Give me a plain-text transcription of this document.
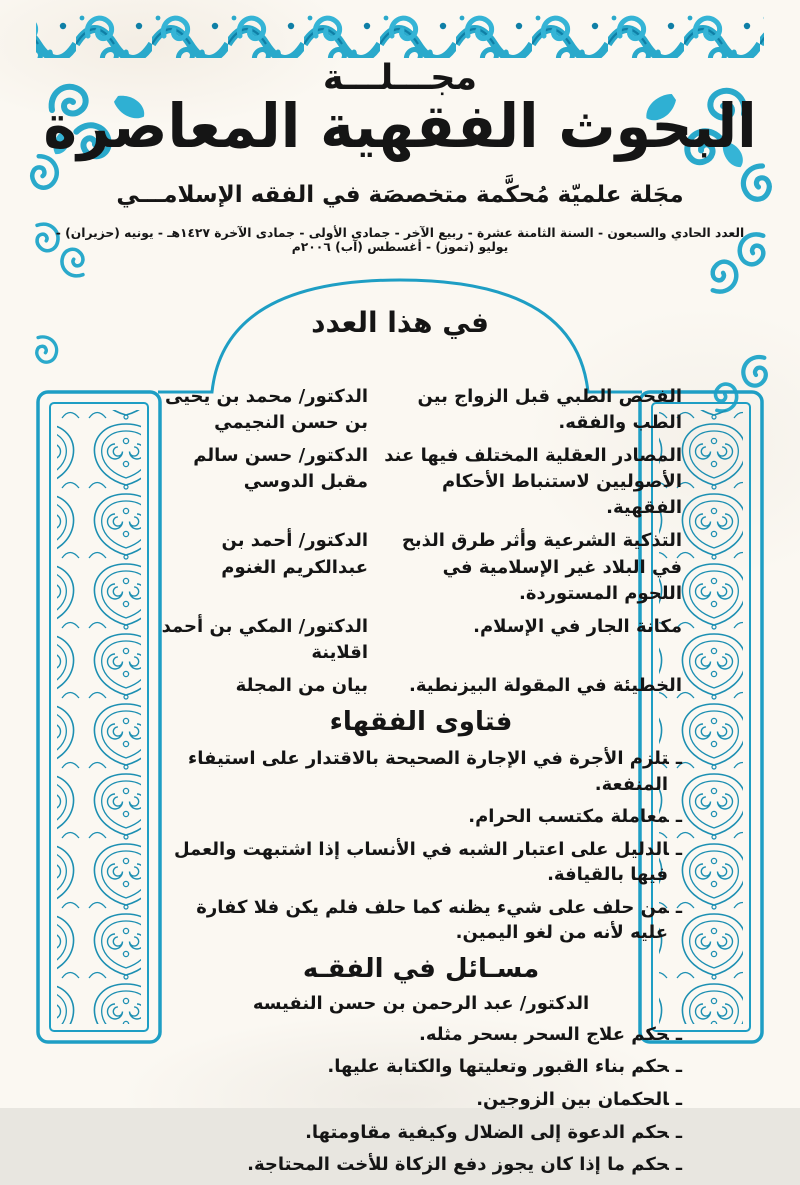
مجـــلـــة
البحوث الفقهية المعاصرة
مجَلة علميّة مُحكَّمة متخصصَة في الفقه الإسلامـــي
العدد الحادي والسبعون - السنة الثامنة عشرة - ربيع الآخر - جمادى الأولى - جمادى الآخرة ١٤٢٧هـ - يونيه (حزيران) - يوليو (تموز) - أغسطس (آب) ٢٠٠٦م
في هذا العدد
الفحص الطبي قبل الزواج بين الطب والفقه.
الدكتور/ محمد بن يحيى بن حسن النجيمي
المصادر العقلية المختلف فيها عند الأصوليين لاستنباط الأحكام الفقهية.
الدكتور/ حسن سالم مقبل الدوسي
التذكية الشرعية وأثر طرق الذبح في البلاد غير الإسلامية في اللحوم المستوردة.
الدكتور/ أحمد بن عبدالكريم الغنوم
مكانة الجار في الإسلام.
الدكتور/ المكي بن أحمد اقلاينة
الخطيئة في المقولة البيزنطية.
بيان من المجلة
فتاوى الفقهاء
ـتلزم الأجرة في الإجارة الصحيحة بالاقتدار على استيفاء المنفعة.
ـمعاملة مكتسب الحرام.
ـالدليل على اعتبار الشبه في الأنساب إذا اشتبهت والعمل فيها بالقيافة.
ـمن حلف على شيء يظنه كما حلف فلم يكن فلا كفارة عليه لأنه من لغو اليمين.
مسـائل في الفقـه
الدكتور/ عبد الرحمن بن حسن النفيسه
ـحكم علاج السحر بسحر مثله.
ـحكم بناء القبور وتعليتها والكتابة عليها.
ـالحكمان بين الزوجين.
ـحكم الدعوة إلى الضلال وكيفية مقاومتها.
ـحكم ما إذا كان يجوز دفع الزكاة للأخت المحتاجة.
